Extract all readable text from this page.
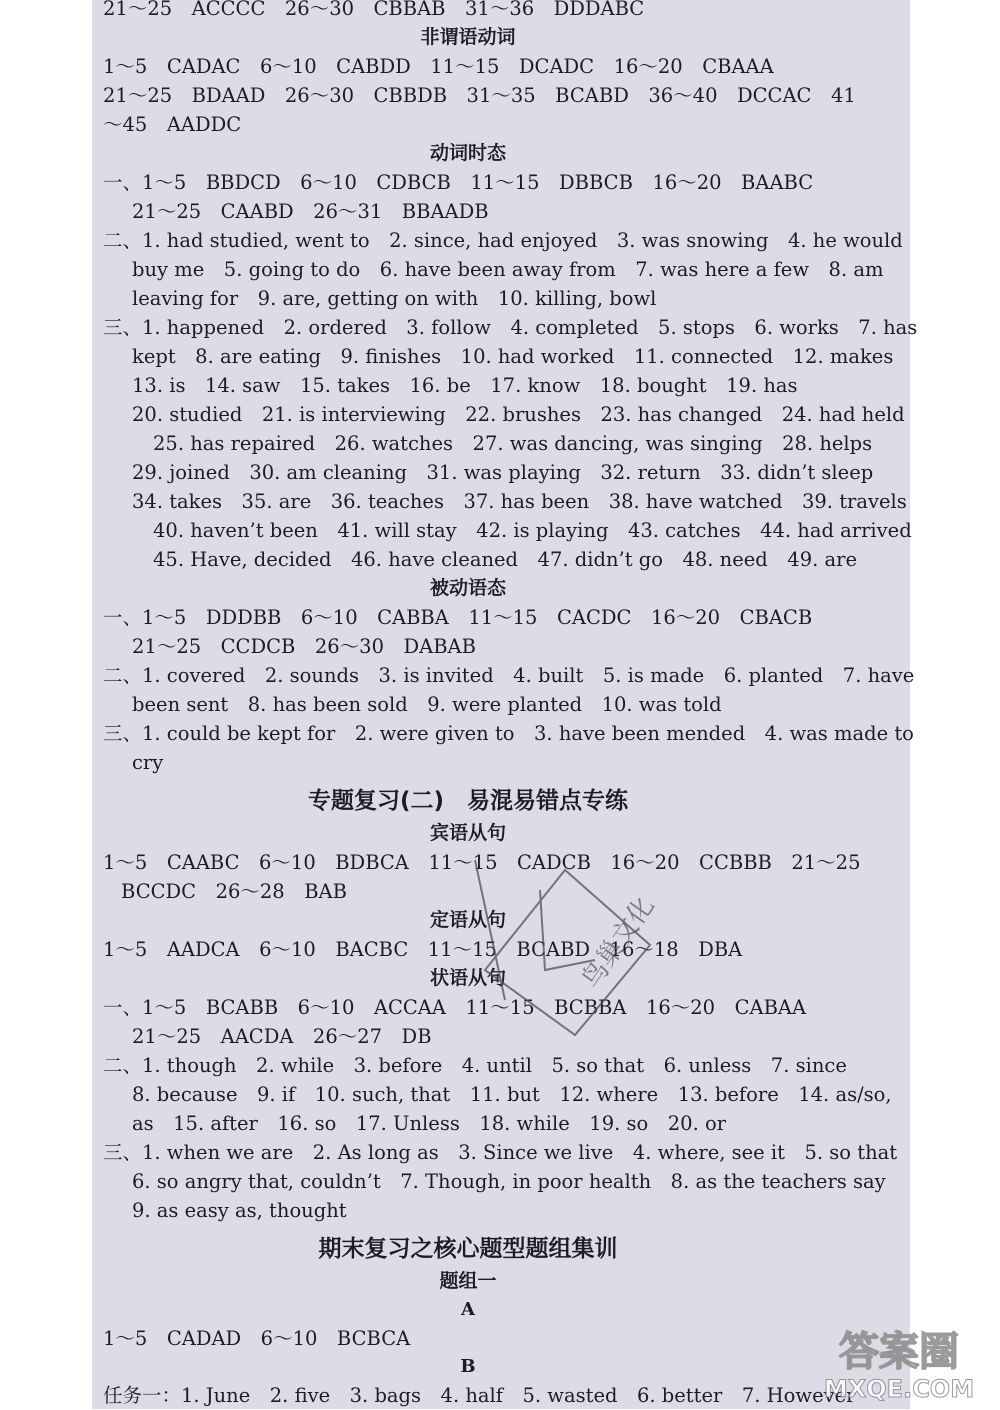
21～25　ACCCC　26～30　CBBAB　31～36　DDDABC
非谓语动词
1～5　CADAC　6～10　CABDD　11～15　DCADC　16～20　CBAAA
21～25　BDAAD　26～30　CBBDB　31～35　BCABD　36～40　DCCAC　41
～45　AADDC
动词时态
一、1～5　BBDCD　6～10　CDBCB　11～15　DBBCB　16～20　BAABC
21～25　CAABD　26～31　BBAADB
二、1. had studied, went to　2. since, had enjoyed　3. was snowing　4. he would
buy me　5. going to do　6. have been away from　7. was here a few　8. am
leaving for　9. are, getting on with　10. killing, bowl
三、1. happened　2. ordered　3. follow　4. completed　5. stops　6. works　7. has
kept　8. are eating　9. finishes　10. had worked　11. connected　12. makes
13. is　14. saw　15. takes　16. be　17. know　18. bought　19. has
20. studied　21. is interviewing　22. brushes　23. has changed　24. had held
25. has repaired　26. watches　27. was dancing, was singing　28. helps
29. joined　30. am cleaning　31. was playing　32. return　33. didn’t sleep
34. takes　35. are　36. teaches　37. has been　38. have watched　39. travels
40. haven’t been　41. will stay　42. is playing　43. catches　44. had arrived
45. Have, decided　46. have cleaned　47. didn’t go　48. need　49. are
被动语态
一、1～5　DDDBB　6～10　CABBA　11～15　CACDC　16～20　CBACB
21～25　CCDCB　26～30　DABAB
二、1. covered　2. sounds　3. is invited　4. built　5. is made　6. planted　7. have
been sent　8. has been sold　9. were planted　10. was told
三、1. could be kept for　2. were given to　3. have been mended　4. was made to
cry
专题复习(二)　易混易错点专练
宾语从句
1～5　CAABC　6～10　BDBCA　11～15　CADCB　16～20　CCBBB　21～25
BCCDC　26～28　BAB
定语从句
1～5　AADCA　6～10　BACBC　11～15　BCABD　16～18　DBA
状语从句
一、1～5　BCABB　6～10　ACCAA　11～15　BCBBA　16～20　CABAA
21～25　AACDA　26～27　DB
二、1. though　2. while　3. before　4. until　5. so that　6. unless　7. since
8. because　9. if　10. such, that　11. but　12. where　13. before　14. as/so,
as　15. after　16. so　17. Unless　18. while　19. so　20. or
三、1. when we are　2. As long as　3. Since we live　4. where, see it　5. so that
6. so angry that, couldn’t　7. Though, in poor health　8. as the teachers say
9. as easy as, thought
期末复习之核心题型题组集训
题组一
A
1～5　CADAD　6～10　BCBCA
B
任务一：1. June　2. five　3. bags　4. half　5. wasted　6. better　7. However
鸟巢文化
答案圈
MXQE.COM
